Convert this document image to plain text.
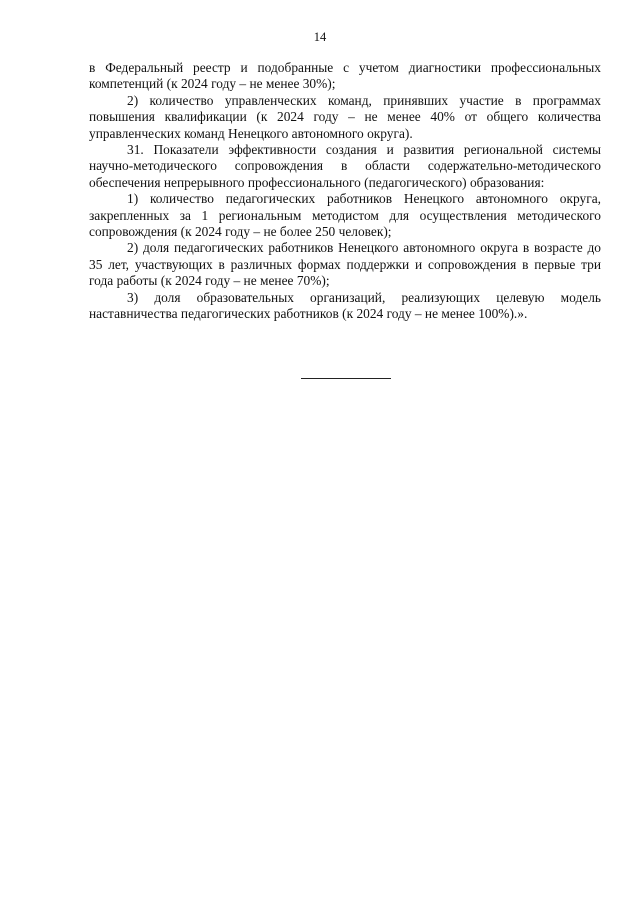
14

в Федеральный реестр и подобранные с учетом диагностики профессиональных компетенций (к 2024 году – не менее 30%);

2) количество управленческих команд, принявших участие в программах повышения квалификации (к 2024 году – не менее 40% от общего количества управленческих команд Ненецкого автономного округа).

31. Показатели эффективности создания и развития региональной системы научно-методического сопровождения в области содержательно-методического обеспечения непрерывного профессионального (педагогического) образования:

1) количество педагогических работников Ненецкого автономного округа, закрепленных за 1 региональным методистом для осуществления методического сопровождения (к 2024 году – не более 250 человек);

2) доля педагогических работников Ненецкого автономного округа в возрасте до 35 лет, участвующих в различных формах поддержки и сопровождения в первые три года работы (к 2024 году – не менее 70%);

3) доля образовательных организаций, реализующих целевую модель наставничества педагогических работников (к 2024 году – не менее 100%).».
